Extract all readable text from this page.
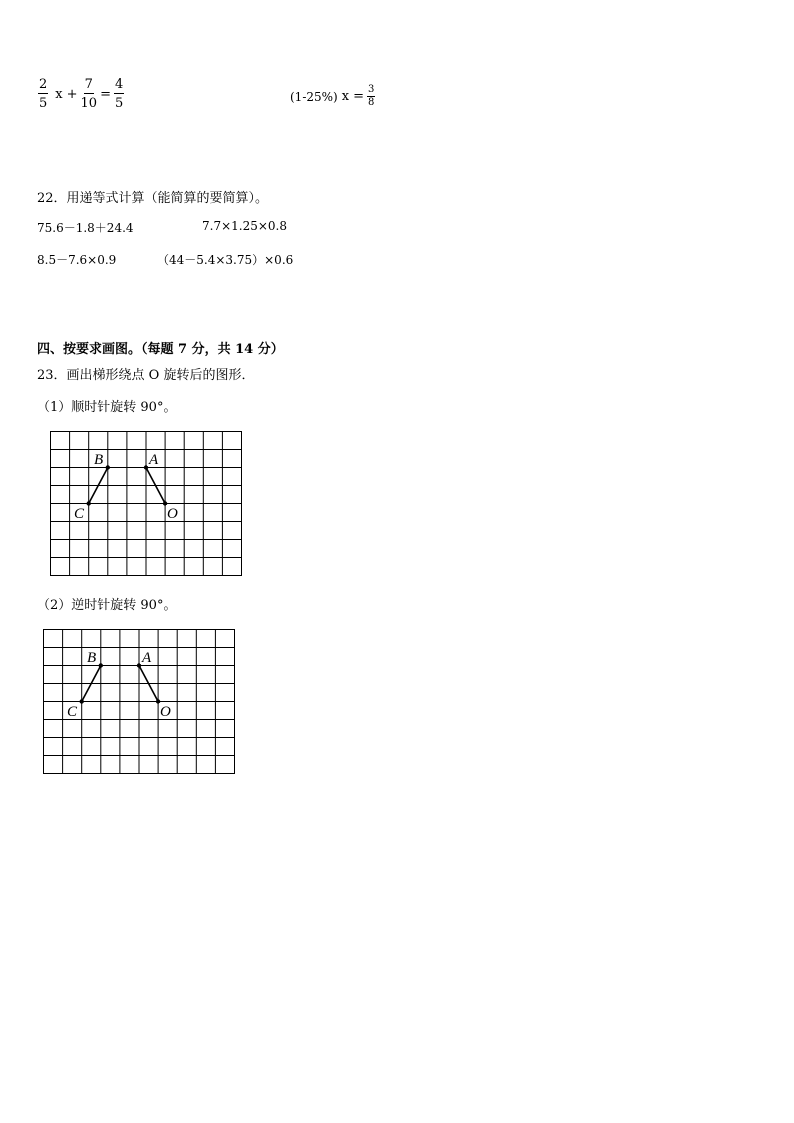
$\frac{2}{5}$ $x + \frac{7}{10} = \frac{4}{5}$	(1-25%) $x = \frac{3}{8}$
22．用递等式计算（能简算的要简算）。
75.6－1.8＋24.4	7.7×1.25×0.8
8.5－7.6×0.9	（44－5.4×3.75）×0.6
四、按要求画图。（每题 7 分，共 14 分）
23．画出梯形绕点 O 旋转后的图形．
（1）顺时针旋转 90°。
B	A
C	O
（2）逆时针旋转 90°。
B	A
C	O
